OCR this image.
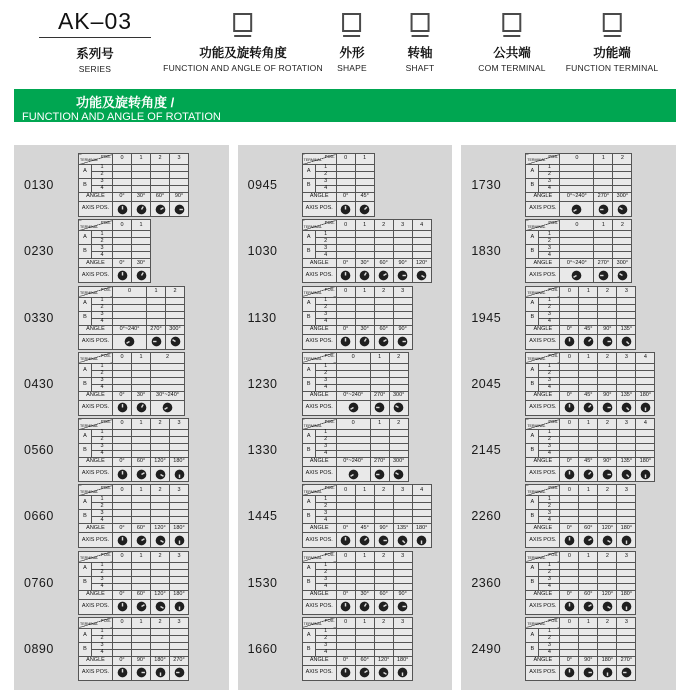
AK–03
系列号
SERIES
功能及旋转角度
FUNCTION AND ANGLE OF ROTATION
外形
SHAPE
转轴
SHAFT
公共端
COM TERMINAL
功能端
FUNCTION TERMINAL
功能及旋转角度 /
FUNCTION AND ANGLE OF ROTATION
0130
POS.
TERMINAL		0	1	2	3
A	1				
	2				
B	3				
	4				
ANGLE		0°	30°	60°	90°
AXIS POS.	

0230
POS.
TERMINAL		0	1
A	1		
	2		
B	3		
	4		
ANGLE		0°	30°
AXIS POS.	

0330
POS.
TERMINAL		0	1	2
A	1			
	2			
B	3			
	4			
ANGLE		0°~240°	270°	300°
AXIS POS.	

0430
POS.
TERMINAL		0	1	2
A	1			
	2			
B	3			
	4			
ANGLE		0°	30°	30°~240°
AXIS POS.	

0560
POS.
TERMINAL		0	1	2	3
A	1				
	2				
B	3				
	4				
ANGLE		0°	60°	120°	180°
AXIS POS.	

0660
POS.
TERMINAL		0	1	2	3
A	1				
	2				
B	3				
	4				
ANGLE		0°	60°	120°	180°
AXIS POS.	

0760
POS.
TERMINAL		0	1	2	3
A	1				
	2				
B	3				
	4				
ANGLE		0°	60°	120°	180°
AXIS POS.	

0890
POS.
TERMINAL		0	1	2	3
A	1				
	2				
B	3				
	4				
ANGLE		0°	90°	180°	270°
AXIS POS.	

0945
POS.
TERMINAL		0	1
A	1		
	2		
B	3		
	4		
ANGLE		0°	45°
AXIS POS.	

1030
POS.
TERMINAL		0	1	2	3	4
A	1					
	2					
B	3					
	4					
ANGLE		0°	30°	60°	90°	120°
AXIS POS.	

1130
POS.
TERMINAL		0	1	2	3
A	1				
	2				
B	3				
	4				
ANGLE		0°	30°	60°	90°
AXIS POS.	

1230
POS.
TERMINAL		0	1	2
A	1			
	2			
B	3			
	4			
ANGLE		0°~240°	270°	300°
AXIS POS.	

1330
POS.
TERMINAL		0	1	2
A	1			
	2			
B	3			
	4			
ANGLE		0°~240°	270°	300°
AXIS POS.	

1445
POS.
TERMINAL		0	1	2	3	4
A	1					
	2					
B	3					
	4					
ANGLE		0°	45°	90°	135°	180°
AXIS POS.	

1530
POS.
TERMINAL		0	1	2	3
A	1				
	2				
B	3				
	4				
ANGLE		0°	30°	60°	90°
AXIS POS.	

1660
POS.
TERMINAL		0	1	2	3
A	1				
	2				
B	3				
	4				
ANGLE		0°	60°	120°	180°
AXIS POS.	

1730
POS.
TERMINAL		0	1	2
A	1			
	2			
B	3			
	4			
ANGLE		0°~240°	270°	300°
AXIS POS.	

1830
POS.
TERMINAL		0	1	2
A	1			
	2			
B	3			
	4			
ANGLE		0°~240°	270°	300°
AXIS POS.	

1945
POS.
TERMINAL		0	1	2	3
A	1				
	2				
B	3				
	4				
ANGLE		0°	45°	90°	135°
AXIS POS.	

2045
POS.
TERMINAL		0	1	2	3	4
A	1					
	2					
B	3					
	4					
ANGLE		0°	45°	90°	135°	180°
AXIS POS.	

2145
POS.
TERMINAL		0	1	2	3	4
A	1					
	2					
B	3					
	4					
ANGLE		0°	45°	90°	135°	180°
AXIS POS.	

2260
POS.
TERMINAL		0	1	2	3
A	1				
	2				
B	3				
	4				
ANGLE		0°	60°	120°	180°
AXIS POS.	

2360
POS.
TERMINAL		0	1	2	3
A	1				
	2				
B	3				
	4				
ANGLE		0°	60°	120°	180°
AXIS POS.	

2490
POS.
TERMINAL		0	1	2	3
A	1				
	2				
B	3				
	4				
ANGLE		0°	90°	180°	270°
AXIS POS.	
